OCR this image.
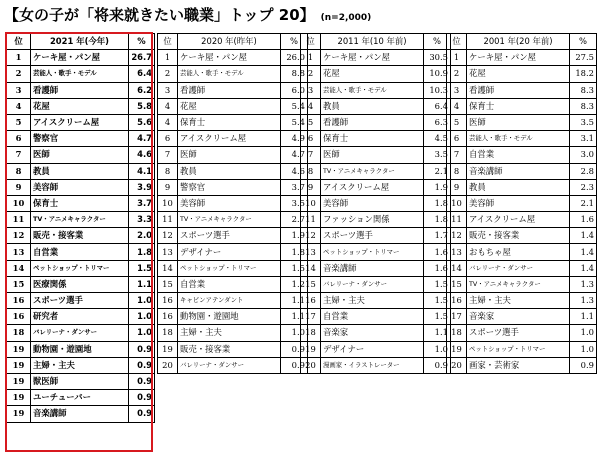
【女の子が「将来就きたい職業」トップ 20】 (n=2,000)
位	2021 年(今年)	%
1	ケーキ屋・パン屋	26.7
2	芸能人・歌手・モデル	6.4
3	看護師	6.2
4	花屋	5.8
5	アイスクリーム屋	5.6
6	警察官	4.7
7	医師	4.6
8	教員	4.1
9	美容師	3.9
10	保育士	3.7
11	TV・アニメキャラクター	3.3
12	販売・接客業	2.0
13	自営業	1.8
14	ペットショップ・トリマー	1.5
15	医療関係	1.1
16	スポーツ選手	1.0
16	研究者	1.0
18	バレリーナ・ダンサー	1.0
19	動物園・遊園地	0.9
19	主婦・主夫	0.9
19	獣医師	0.9
19	ユーチューバー	0.9
19	音楽講師	0.9
位	2020 年(昨年)	%
1	ケーキ屋・パン屋	26.0
2	芸能人・歌手・モデル	8.8
3	看護師	6.0
4	花屋	5.4
4	保育士	5.4
6	アイスクリーム屋	4.9
7	医師	4.7
8	教員	4.6
9	警察官	3.7
10	美容師	3.5
11	TV・アニメキャラクター	2.7
12	スポーツ選手	1.9
13	デザイナー	1.8
14	ペットショップ・トリマー	1.5
15	自営業	1.2
16	キャビンアテンダント	1.1
16	動物園・遊園地	1.1
18	主婦・主夫	1.0
19	販売・接客業	0.9
20	バレリーナ・ダンサー	0.9
位	2011 年(10 年前)	%
1	ケーキ屋・パン屋	30.5
2	花屋	10.9
3	芸能人・歌手・モデル	10.3
4	教員	6.4
5	看護師	6.3
6	保育士	4.5
7	医師	3.5
8	TV・アニメキャラクター	2.1
9	アイスクリーム屋	1.9
10	美容師	1.8
11	ファッション関係	1.8
12	スポーツ選手	1.7
13	ペットショップ・トリマー	1.6
14	音楽講師	1.6
15	バレリーナ・ダンサー	1.5
16	主婦・主夫	1.5
17	自営業	1.5
18	音楽家	1.1
19	デザイナー	1.0
20	漫画家・イラストレーター	0.9
位	2001 年(20 年前)	%
1	ケーキ屋・パン屋	27.5
2	花屋	18.2
3	看護師	8.3
4	保育士	8.3
5	医師	3.5
6	芸能人・歌手・モデル	3.1
7	自営業	3.0
8	音楽講師	2.8
9	教員	2.3
10	美容師	2.1
11	アイスクリーム屋	1.6
12	販売・接客業	1.4
13	おもちゃ屋	1.4
14	バレリーナ・ダンサー	1.4
15	TV・アニメキャラクター	1.3
16	主婦・主夫	1.3
17	音楽家	1.1
18	スポーツ選手	1.0
19	ペットショップ・トリマー	1.0
20	画家・芸術家	0.9
